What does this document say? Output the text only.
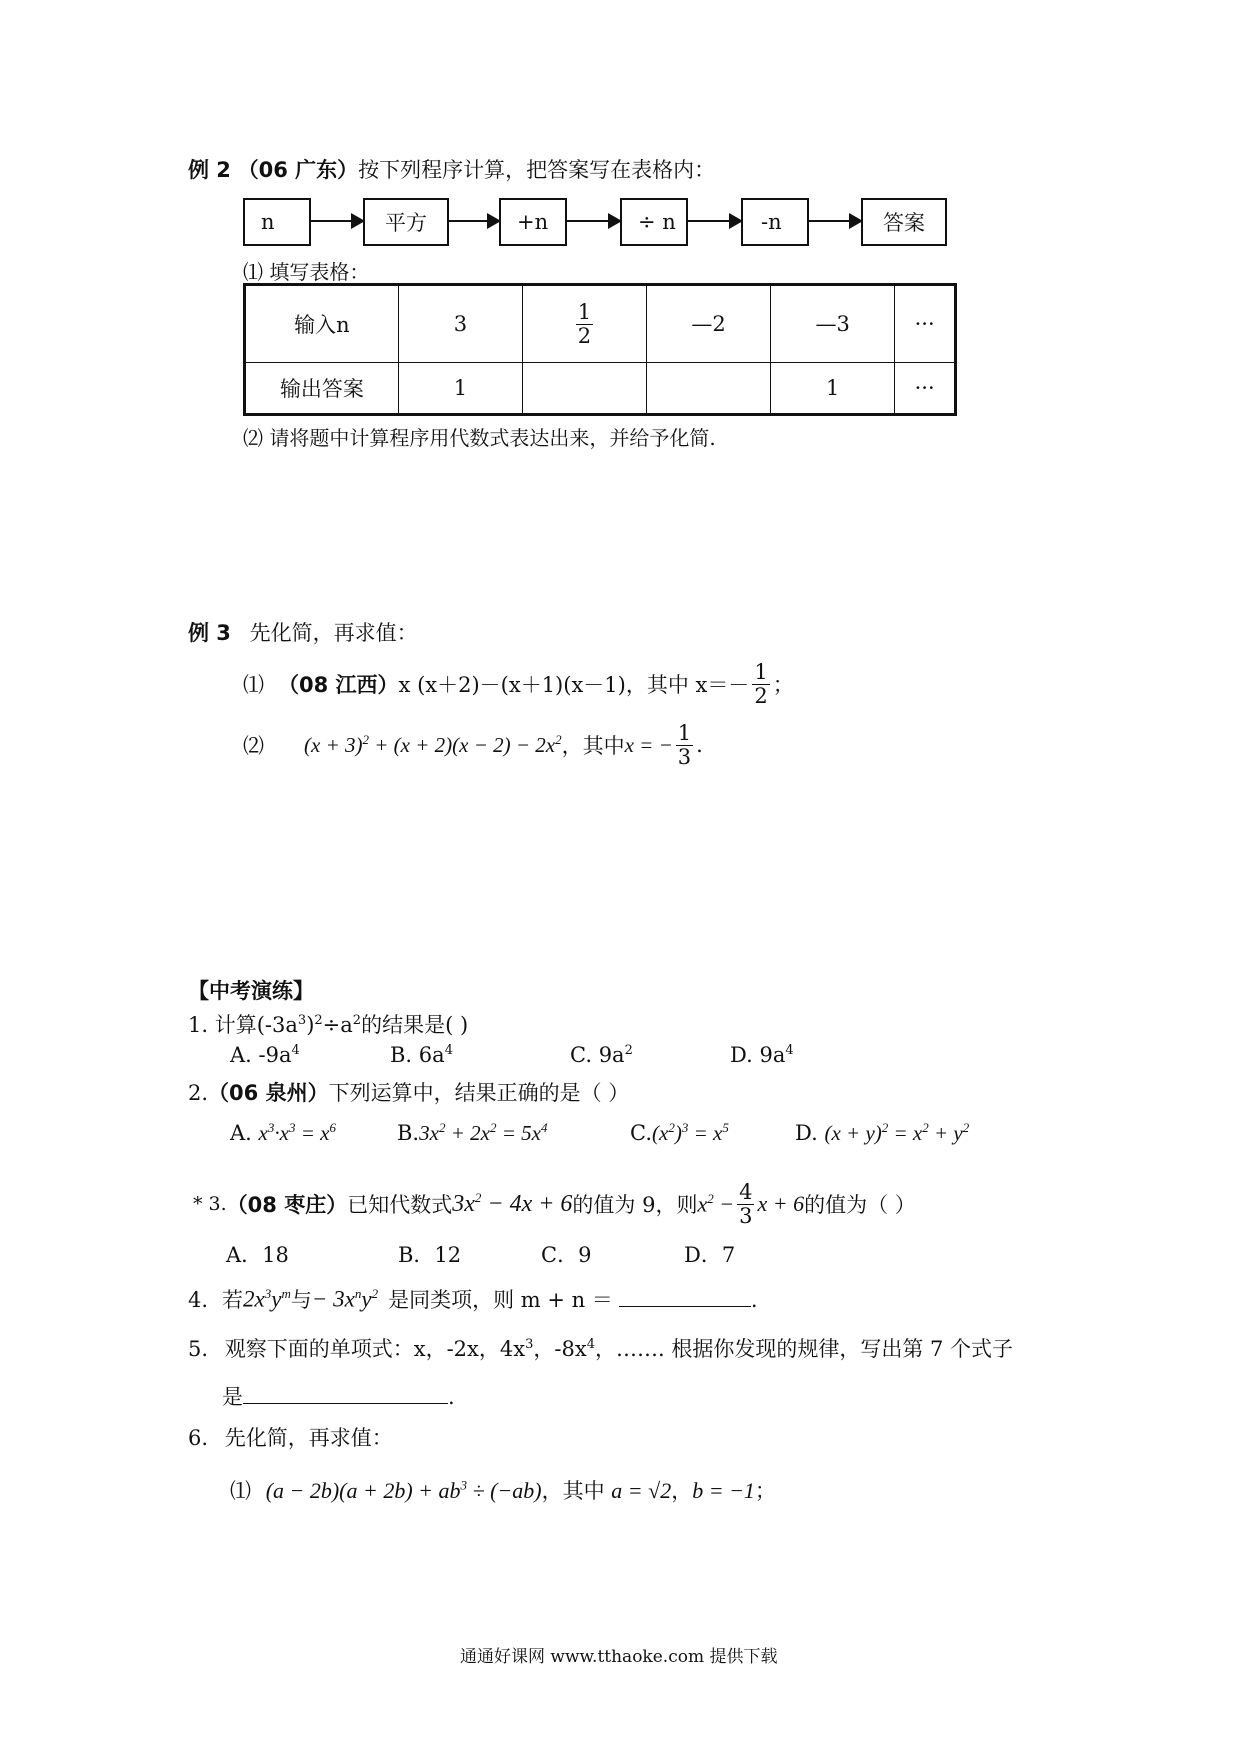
例 2 （06 广东）按下列程序计算，把答案写在表格内：
n	平方	+n	÷ n	-n	答案
⑴ 填写表格：
输入n	3	$\frac{1}{2}$	—2	—3	···
输出答案	1			1	···
⑵ 请将题中计算程序用代数式表达出来，并给予化简.
例 3 先化简，再求值：
⑴ （08 江西） x (x＋2)－(x＋1)(x－1)，其中 $x=- \frac{1}{2}$ ；
⑵ $(x + 3)^2 + (x + 2)(x - 2) - 2x^2$ ，其中 x = − $\frac{1}{3}$ .
【中考演练】
1. 计算$(-3a^3)^2\div a^2$的结果是( )
A. $-9a^4$	B. $6a^4$	C. $9a^2$	D. $9a^4$
2.（06 泉州）下列运算中，结果正确的是（ ）
A. $x^3\cdot x^3 = x^6$	$B.3x^2 + 2x^2 = 5x^4$	$C.(x^2)^3 = x^5$	D. $(x + y)^2 = x^2 + y^2$
* 3. （08 枣庄） 已知代数式 $3x^2 - 4x + 6$ 的值为 9，则 $x^2 - \frac{4}{3}$ x + 6 的值为（ ）
A．18	B．12	C．9	D．7
4. 若 $2x^3y^m$ 与 − $3x^ny^2$ 是同类项，则 m + n ＝	.
5. 观察下面的单项式：x，-2x，$4x^3$，$-8x^4$，……. 根据你发现的规律，写出第 7 个式子
是	.
6. 先化简，再求值：
⑴ $(a - 2b)(a + 2b) + ab^3 \div (-ab)$，其中 a = √2，b = −1；
通通好课网 www.tthaoke.com 提供下载
